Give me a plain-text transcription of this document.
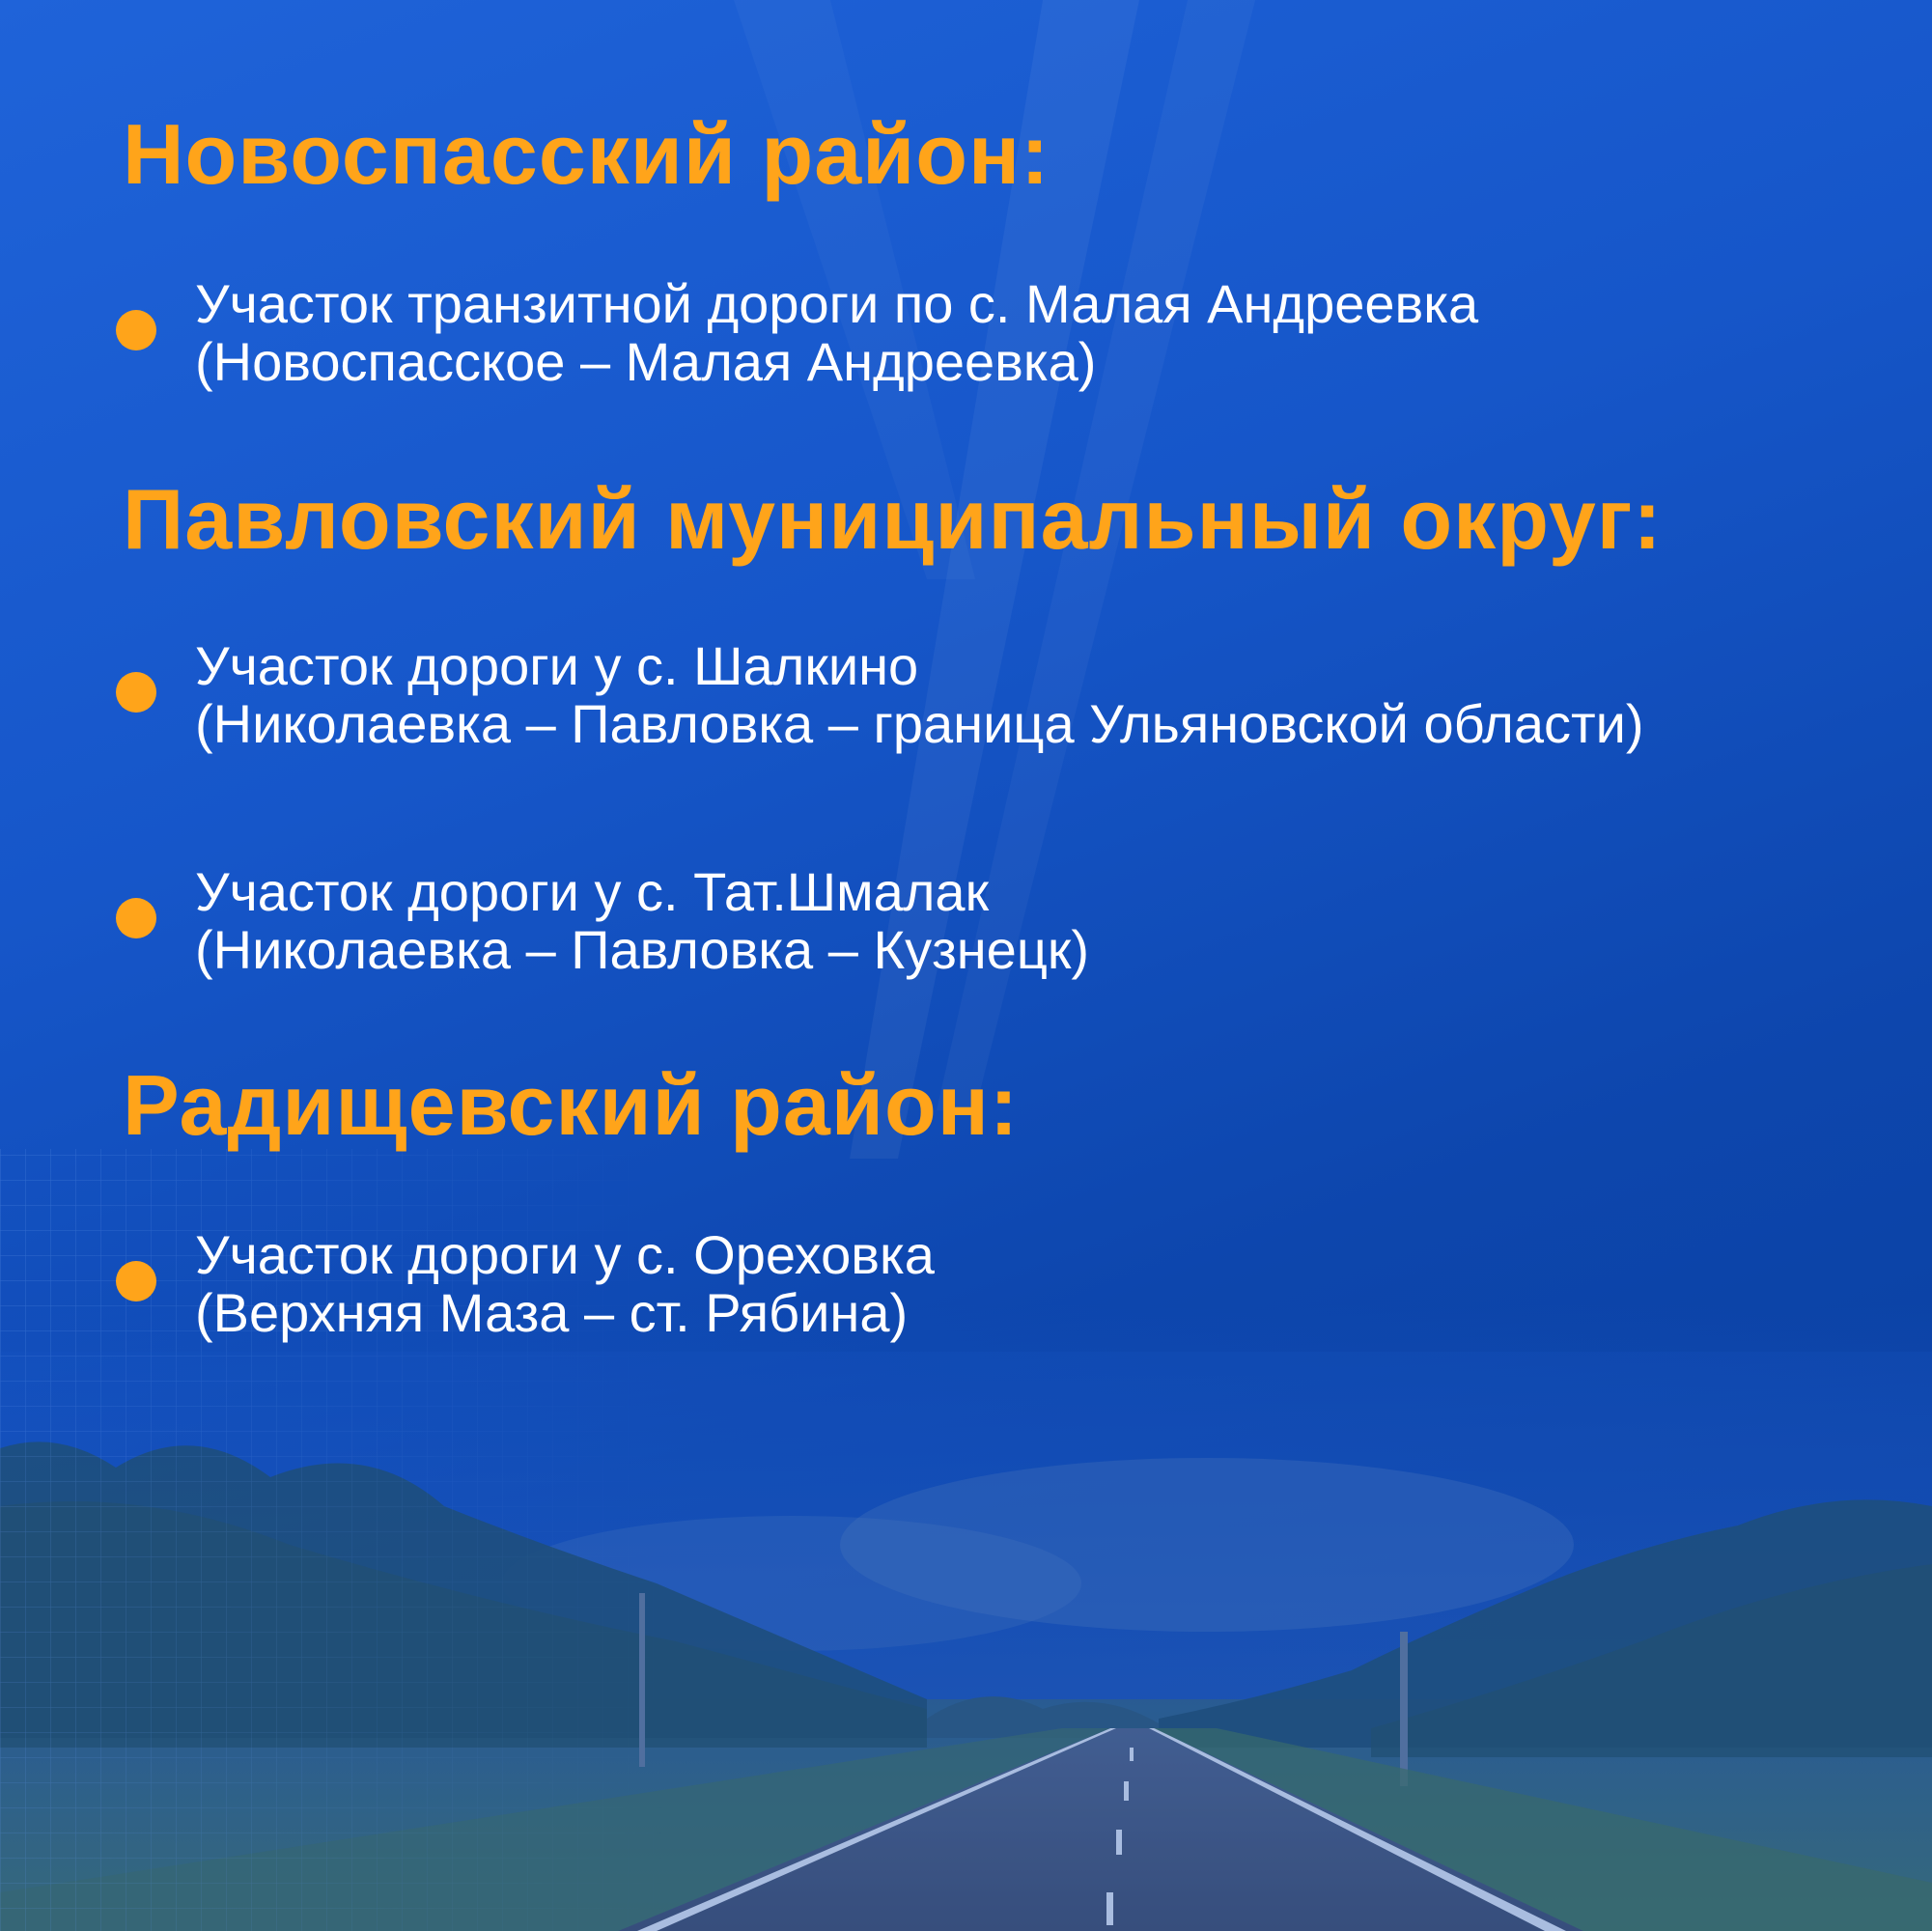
Новоспасский район:
Участок транзитной дороги по с. Малая Андреевка
(Новоспасское – Малая Андреевка)
Павловский муниципальный округ:
Участок дороги у с. Шалкино
(Николаевка – Павловка – граница Ульяновской области)
Участок дороги у с. Тат.Шмалак
(Николаевка – Павловка – Кузнецк)
Радищевский район:
Участок дороги у с. Ореховка
(Верхняя Маза – ст. Рябина)
